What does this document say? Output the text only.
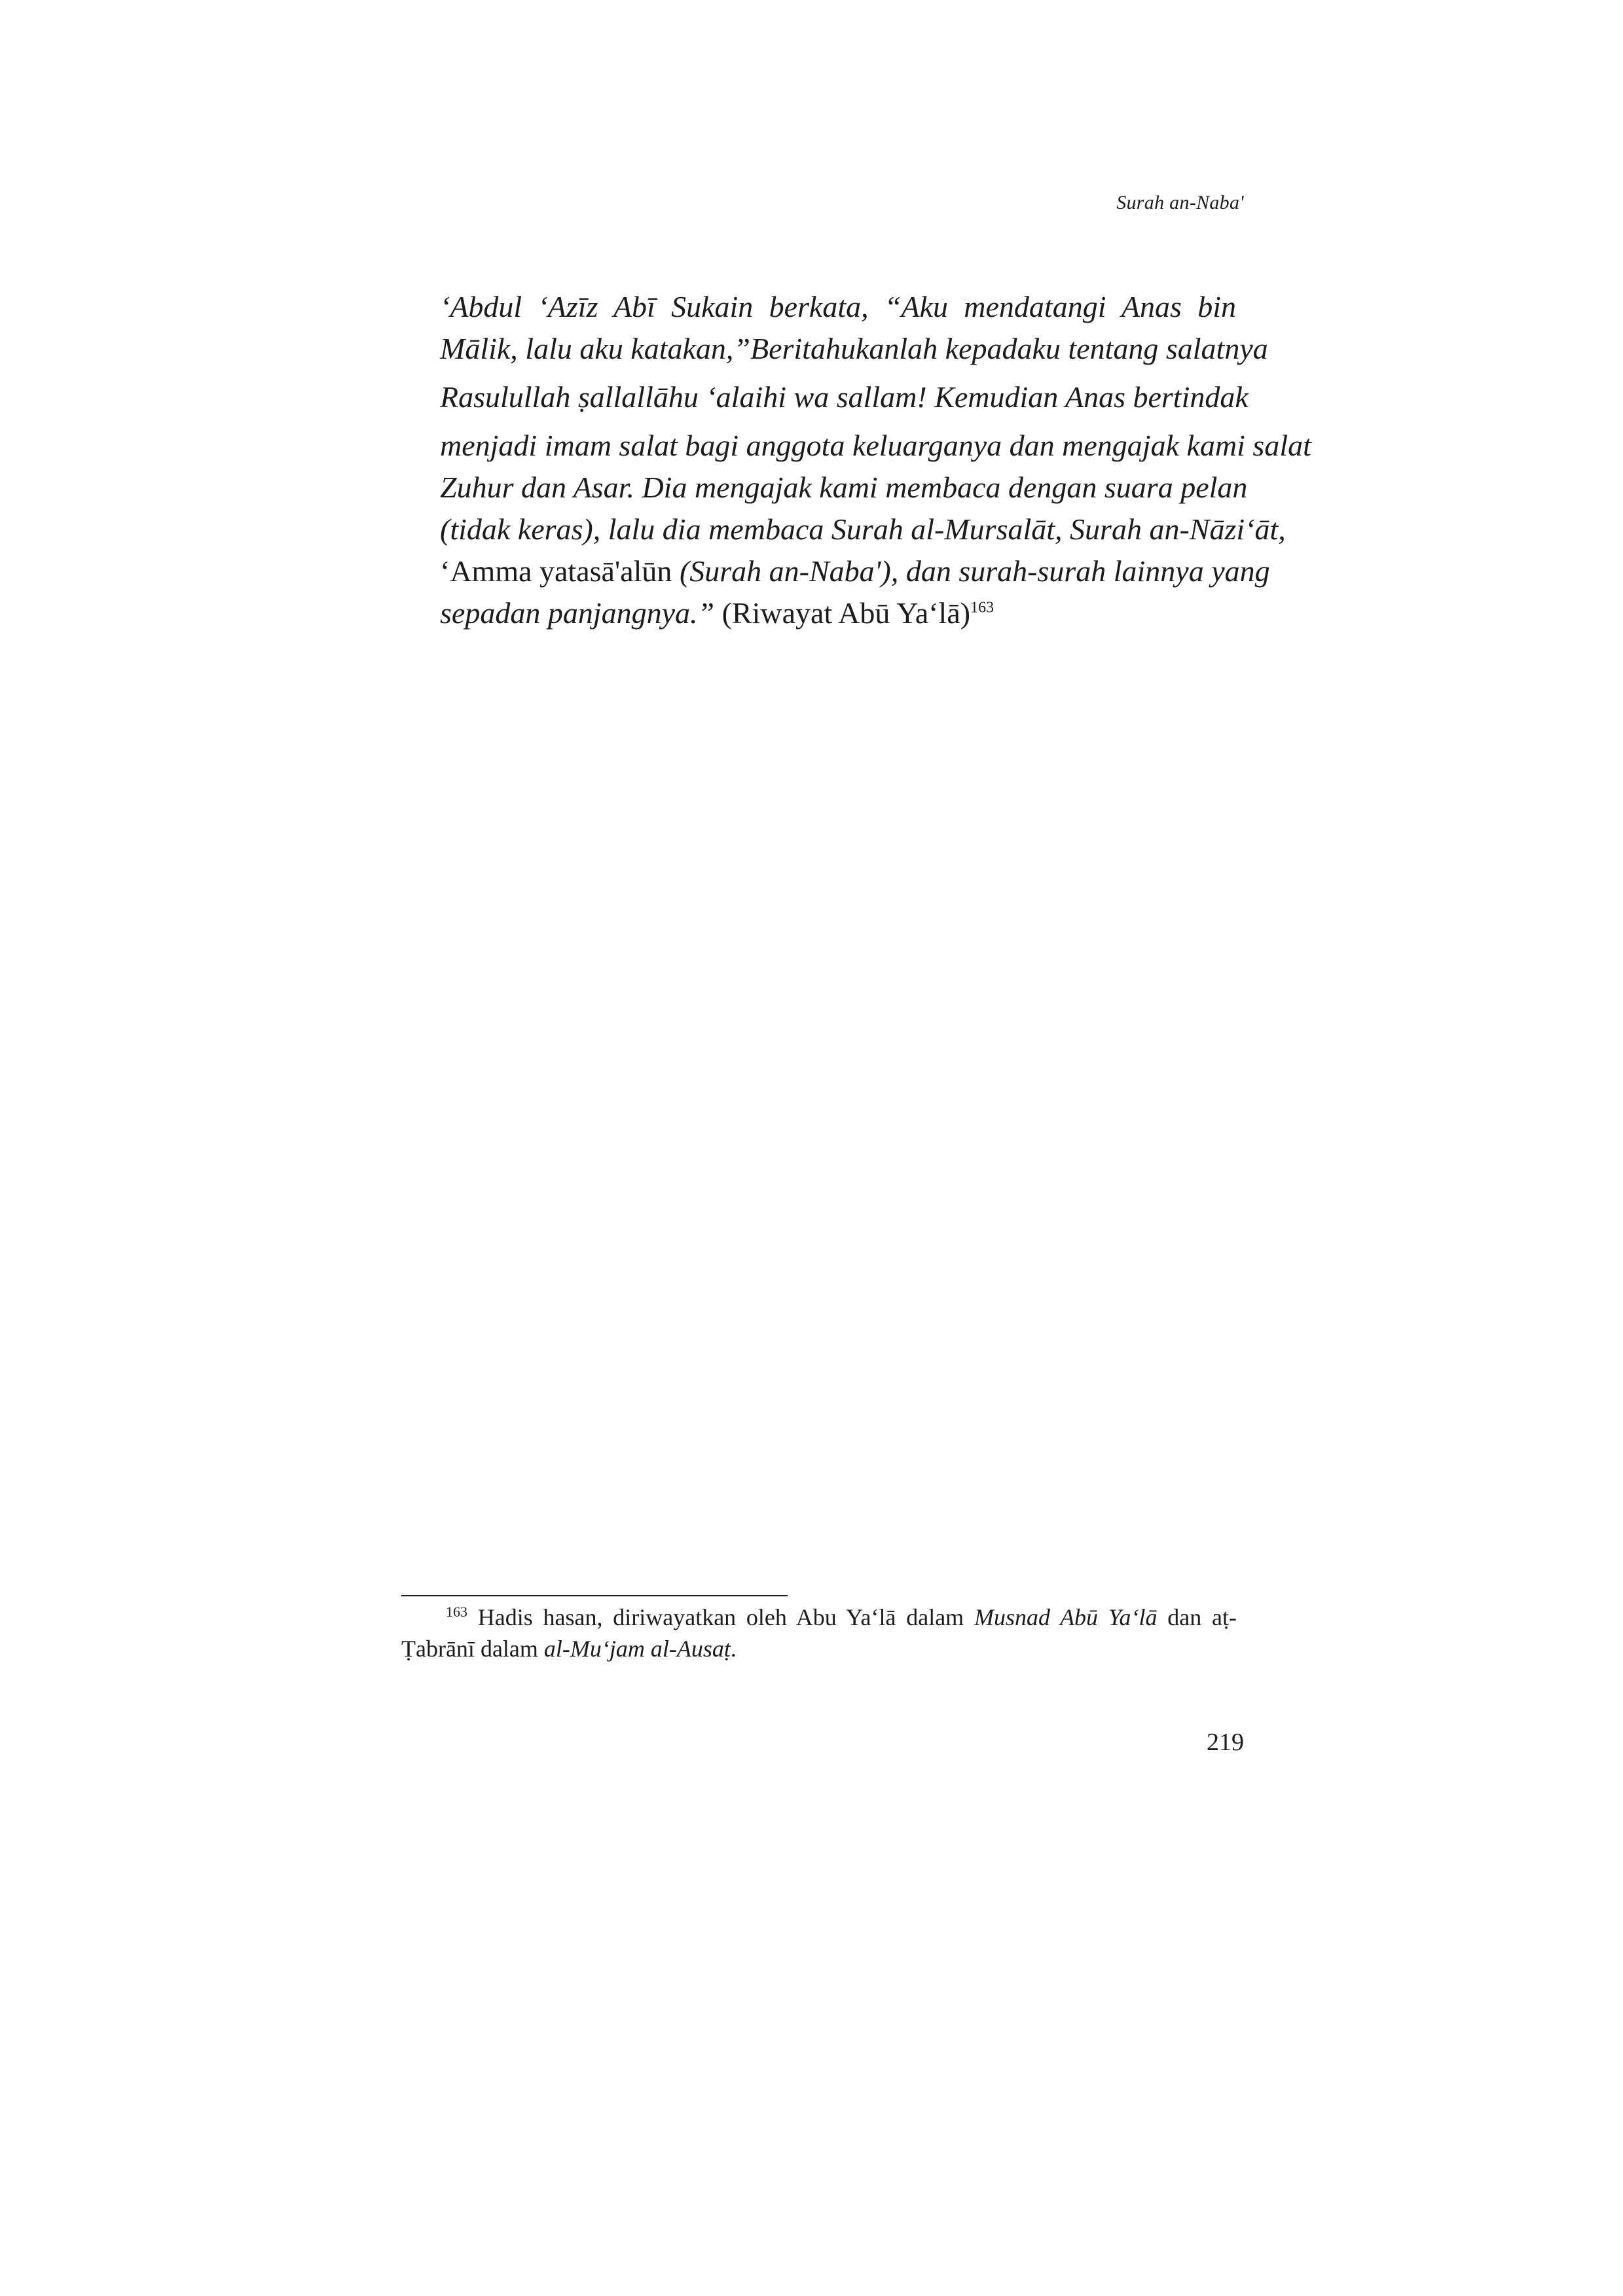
Surah an-Naba'
‘Abdul ‘Azīz Abī Sukain berkata, “Aku mendatangi Anas bin
Mālik, lalu aku katakan,”Beritahukanlah kepadaku tentang salatnya
Rasulullah ṣallallāhu ‘alaihi wa sallam! Kemudian Anas bertindak
menjadi imam salat bagi anggota keluarganya dan mengajak kami salat
Zuhur dan Asar. Dia mengajak kami membaca dengan suara pelan
(tidak keras), lalu dia membaca Surah al-Mursalāt, Surah an-Nāzi‘āt,
‘Amma yatasā'alūn (Surah an-Naba'), dan surah-surah lainnya yang
sepadan panjangnya.” (Riwayat Abū Ya‘lā)$^{163}$
$^{163}$ Hadis hasan, diriwayatkan oleh Abu Ya‘lā dalam Musnad Abū Ya‘lā dan aṭ-
Ṭabrānī dalam al-Mu‘jam al-Ausaṭ.
219
